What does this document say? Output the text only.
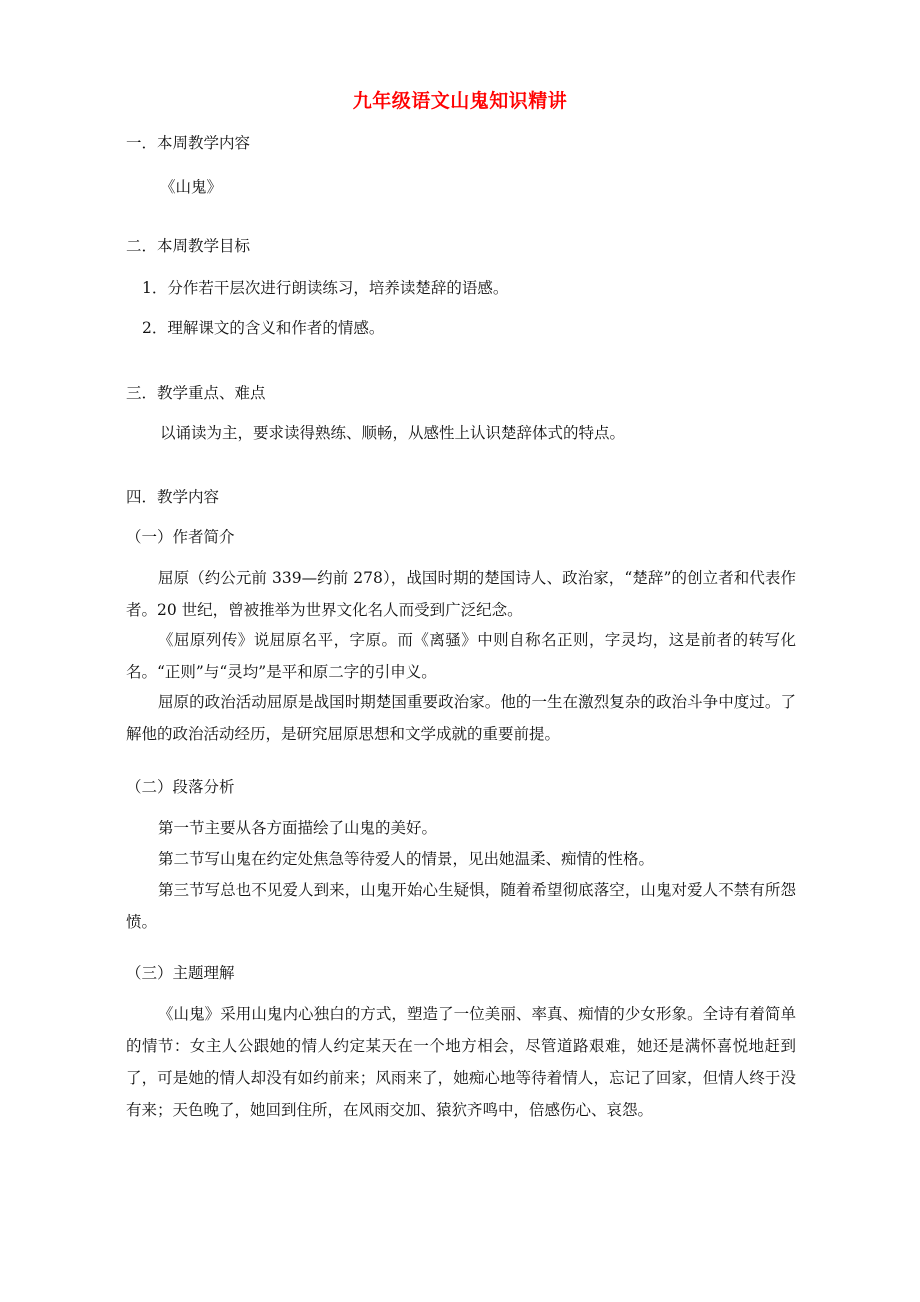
九年级语文山鬼知识精讲
一．本周教学内容
《山鬼》
二．本周教学目标
1．分作若干层次进行朗读练习，培养读楚辞的语感。
2．理解课文的含义和作者的情感。
三．教学重点、难点
以诵读为主，要求读得熟练、顺畅，从感性上认识楚辞体式的特点。
四．教学内容
（一）作者简介

屈原（约公元前 339—约前 278），战国时期的楚国诗人、政治家，“楚辞”的创立者和代表作者。20 世纪，曾被推举为世界文化名人而受到广泛纪念。

《屈原列传》说屈原名平，字原。而《离骚》中则自称名正则，字灵均，这是前者的转写化名。“正则”与“灵均”是平和原二字的引申义。

屈原的政治活动屈原是战国时期楚国重要政治家。他的一生在激烈复杂的政治斗争中度过。了解他的政治活动经历，是研究屈原思想和文学成就的重要前提。

（二）段落分析

第一节主要从各方面描绘了山鬼的美好。

第二节写山鬼在约定处焦急等待爱人的情景，见出她温柔、痴情的性格。

第三节写总也不见爱人到来，山鬼开始心生疑惧，随着希望彻底落空，山鬼对爱人不禁有所怨愤。

（三）主题理解

《山鬼》采用山鬼内心独白的方式，塑造了一位美丽、率真、痴情的少女形象。全诗有着简单的情节：女主人公跟她的情人约定某天在一个地方相会，尽管道路艰难，她还是满怀喜悦地赶到了，可是她的情人却没有如约前来；风雨来了，她痴心地等待着情人，忘记了回家，但情人终于没有来；天色晚了，她回到住所，在风雨交加、猿狖齐鸣中，倍感伤心、哀怨。
